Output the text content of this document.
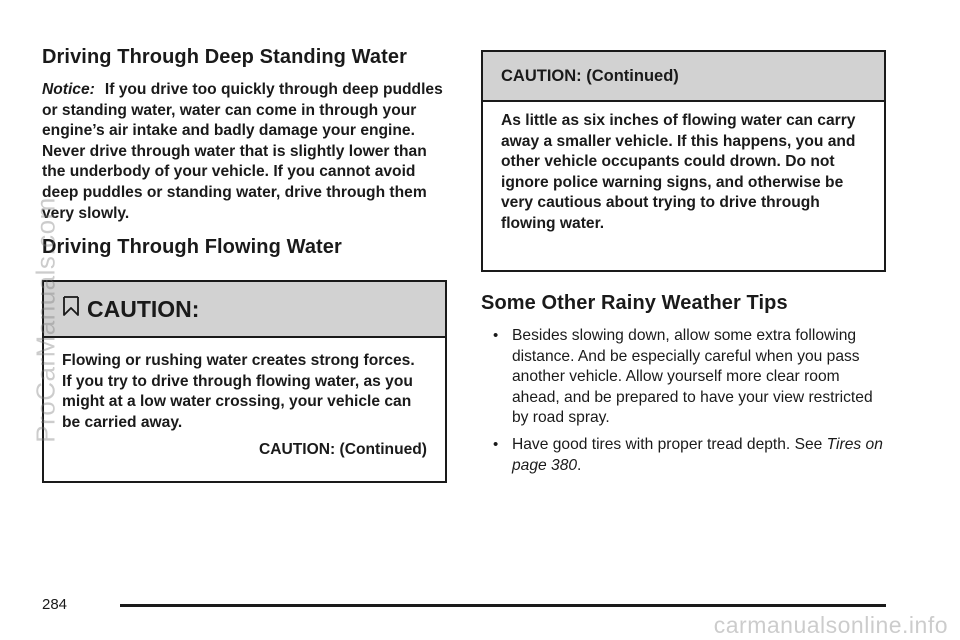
Driving Through Deep Standing Water

Notice: If you drive too quickly through deep puddles or standing water, water can come in through your engine’s air intake and badly damage your engine. Never drive through water that is slightly lower than the underbody of your vehicle. If you cannot avoid deep puddles or standing water, drive through them very slowly.

Driving Through Flowing Water
CAUTION:
Flowing or rushing water creates strong forces. If you try to drive through flowing water, as you might at a low water crossing, your vehicle can be carried away.
CAUTION: (Continued)
CAUTION: (Continued)
As little as six inches of flowing water can carry away a smaller vehicle. If this happens, you and other vehicle occupants could drown. Do not ignore police warning signs, and otherwise be very cautious about trying to drive through flowing water.
Some Other Rainy Weather Tips
• Besides slowing down, allow some extra following distance. And be especially careful when you pass another vehicle. Allow yourself more clear room ahead, and be prepared to have your view restricted by road spray.
• Have good tires with proper tread depth. See Tires on page 380.
284
ProCarManuals.com
carmanualsonline.info
